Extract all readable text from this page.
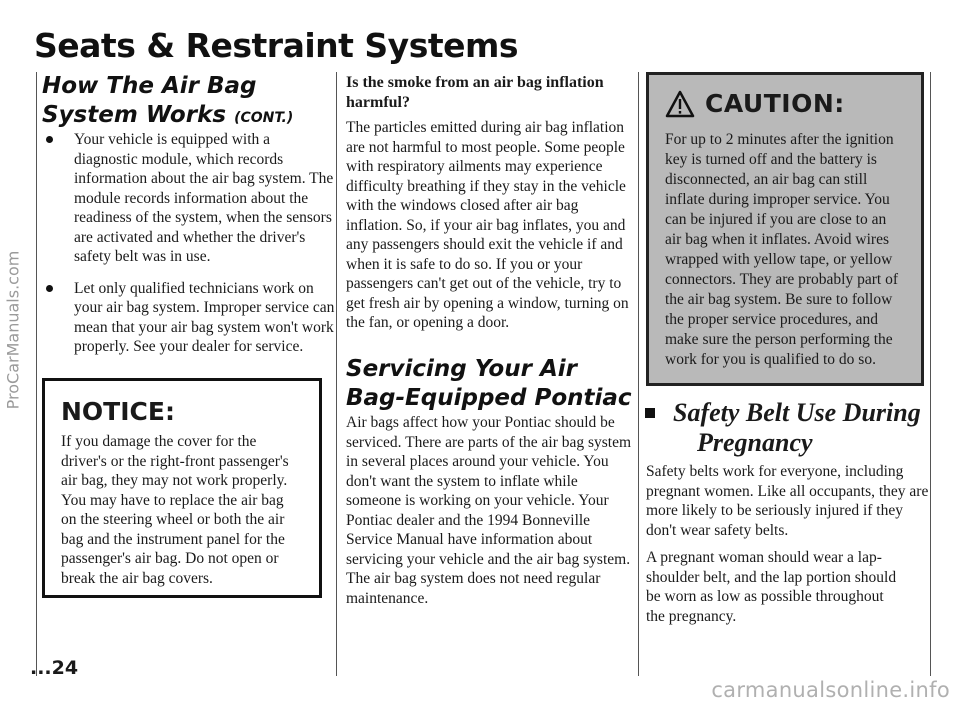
Seats & Restraint Systems
How The Air Bag System Works (CONT.)
Your vehicle is equipped with a diagnostic module, which records information about the air bag system. The module records information about the readiness of the system, when the sensors are activated and whether the driver's safety belt was in use.
Let only qualified technicians work on your air bag system. Improper service can mean that your air bag system won't work properly. See your dealer for service.
NOTICE:
If you damage the cover for the driver's or the right-front passenger's air bag, they may not work properly. You may have to replace the air bag on the steering wheel or both the air bag and the instrument panel for the passenger's air bag. Do not open or break the air bag covers.
...24
Is the smoke from an air bag inflation harmful?
The particles emitted during air bag inflation are not harmful to most people. Some people with respiratory ailments may experience difficulty breathing if they stay in the vehicle with the windows closed after air bag inflation. So, if your air bag inflates, you and any passengers should exit the vehicle if and when it is safe to do so. If you or your passengers can't get out of the vehicle, try to get fresh air by opening a window, turning on the fan, or opening a door.
Servicing Your Air Bag-Equipped Pontiac
Air bags affect how your Pontiac should be serviced. There are parts of the air bag system in several places around your vehicle. You don't want the system to inflate while someone is working on your vehicle. Your Pontiac dealer and the 1994 Bonneville Service Manual have information about servicing your vehicle and the air bag system. The air bag system does not need regular maintenance.
CAUTION:
For up to 2 minutes after the ignition key is turned off and the battery is disconnected, an air bag can still inflate during improper service. You can be injured if you are close to an air bag when it inflates. Avoid wires wrapped with yellow tape, or yellow connectors. They are probably part of the air bag system. Be sure to follow the proper service procedures, and make sure the person performing the work for you is qualified to do so.
Safety Belt Use During
Pregnancy
Safety belts work for everyone, including pregnant women. Like all occupants, they are more likely to be seriously injured if they don't wear safety belts.
A pregnant woman should wear a lap-shoulder belt, and the lap portion should be worn as low as possible throughout the pregnancy.
ProCarManuals.com
carmanualsonline.info
